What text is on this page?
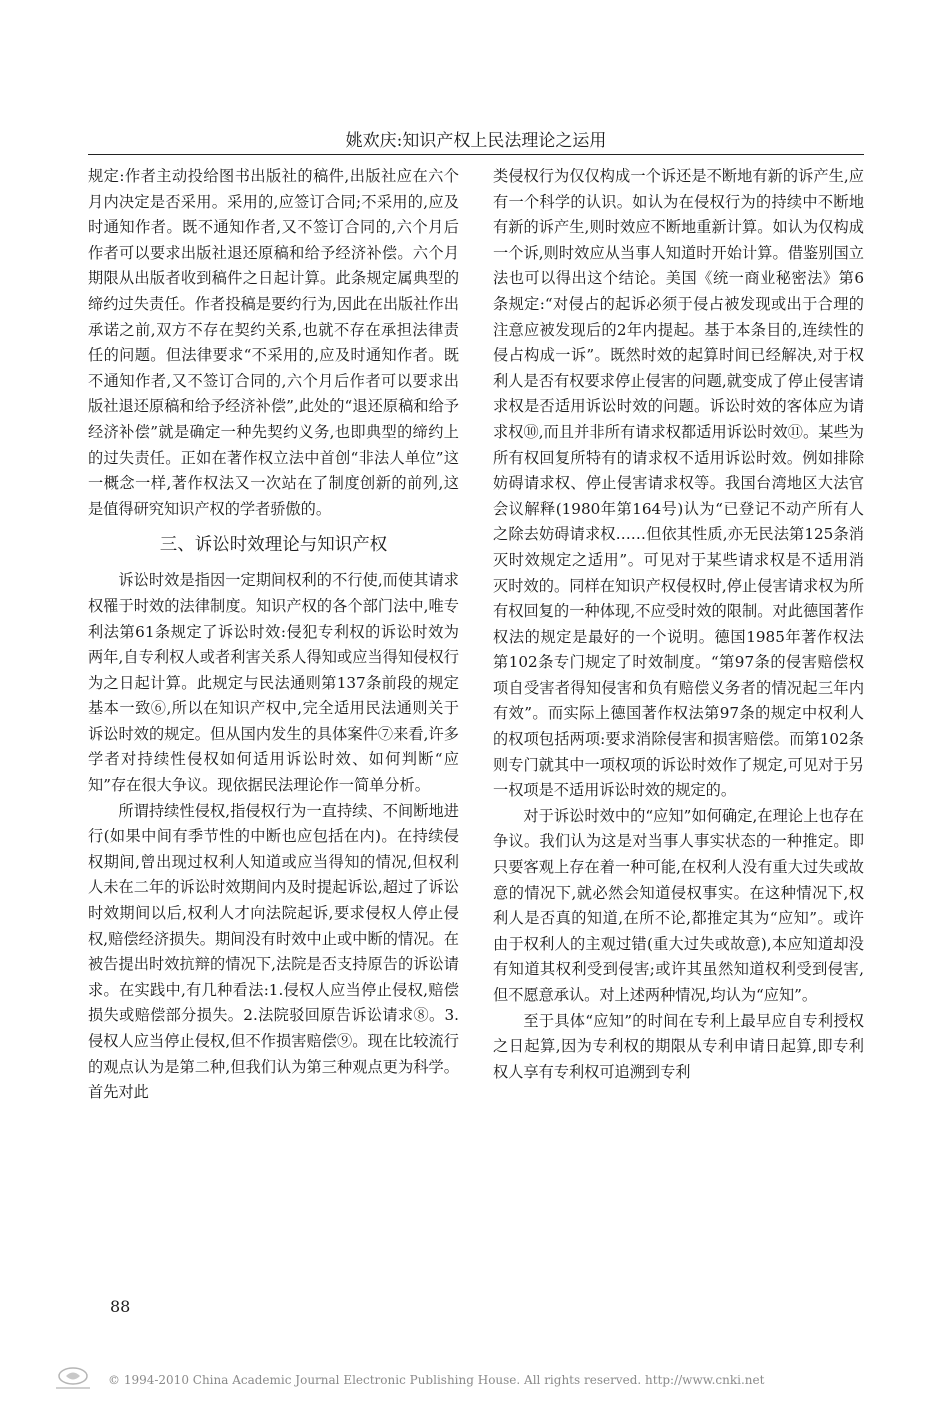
姚欢庆:知识产权上民法理论之运用

规定:作者主动投给图书出版社的稿件,出版社应在六个月内决定是否采用。采用的,应签订合同;不采用的,应及时通知作者。既不通知作者,又不签订合同的,六个月后作者可以要求出版社退还原稿和给予经济补偿。六个月期限从出版者收到稿件之日起计算。此条规定属典型的缔约过失责任。作者投稿是要约行为,因此在出版社作出承诺之前,双方不存在契约关系,也就不存在承担法律责任的问题。但法律要求“不采用的,应及时通知作者。既不通知作者,又不签订合同的,六个月后作者可以要求出版社退还原稿和给予经济补偿”,此处的“退还原稿和给予经济补偿”就是确定一种先契约义务,也即典型的缔约上的过失责任。正如在著作权立法中首创“非法人单位”这一概念一样,著作权法又一次站在了制度创新的前列,这是值得研究知识产权的学者骄傲的。

三、诉讼时效理论与知识产权

诉讼时效是指因一定期间权利的不行使,而使其请求权罹于时效的法律制度。知识产权的各个部门法中,唯专利法第61条规定了诉讼时效:侵犯专利权的诉讼时效为两年,自专利权人或者利害关系人得知或应当得知侵权行为之日起计算。此规定与民法通则第137条前段的规定基本一致⑥,所以在知识产权中,完全适用民法通则关于诉讼时效的规定。但从国内发生的具体案件⑦来看,许多学者对持续性侵权如何适用诉讼时效、如何判断“应知”存在很大争议。现依据民法理论作一简单分析。

所谓持续性侵权,指侵权行为一直持续、不间断地进行(如果中间有季节性的中断也应包括在内)。在持续侵权期间,曾出现过权利人知道或应当得知的情况,但权利人未在二年的诉讼时效期间内及时提起诉讼,超过了诉讼时效期间以后,权利人才向法院起诉,要求侵权人停止侵权,赔偿经济损失。期间没有时效中止或中断的情况。在被告提出时效抗辩的情况下,法院是否支持原告的诉讼请求。在实践中,有几种看法:1.侵权人应当停止侵权,赔偿损失或赔偿部分损失。2.法院驳回原告诉讼请求⑧。3.侵权人应当停止侵权,但不作损害赔偿⑨。现在比较流行的观点认为是第二种,但我们认为第三种观点更为科学。首先对此

类侵权行为仅仅构成一个诉还是不断地有新的诉产生,应有一个科学的认识。如认为在侵权行为的持续中不断地有新的诉产生,则时效应不断地重新计算。如认为仅构成一个诉,则时效应从当事人知道时开始计算。借鉴别国立法也可以得出这个结论。美国《统一商业秘密法》第6条规定:“对侵占的起诉必须于侵占被发现或出于合理的注意应被发现后的2年内提起。基于本条目的,连续性的侵占构成一诉”。既然时效的起算时间已经解决,对于权利人是否有权要求停止侵害的问题,就变成了停止侵害请求权是否适用诉讼时效的问题。诉讼时效的客体应为请求权⑩,而且并非所有请求权都适用诉讼时效⑪。某些为所有权回复所特有的请求权不适用诉讼时效。例如排除妨碍请求权、停止侵害请求权等。我国台湾地区大法官会议解释(1980年第164号)认为“已登记不动产所有人之除去妨碍请求权……但依其性质,亦无民法第125条消灭时效规定之适用”。可见对于某些请求权是不适用消灭时效的。同样在知识产权侵权时,停止侵害请求权为所有权回复的一种体现,不应受时效的限制。对此德国著作权法的规定是最好的一个说明。德国1985年著作权法第102条专门规定了时效制度。“第97条的侵害赔偿权项自受害者得知侵害和负有赔偿义务者的情况起三年内有效”。而实际上德国著作权法第97条的规定中权利人的权项包括两项:要求消除侵害和损害赔偿。而第102条则专门就其中一项权项的诉讼时效作了规定,可见对于另一权项是不适用诉讼时效的规定的。

对于诉讼时效中的“应知”如何确定,在理论上也存在争议。我们认为这是对当事人事实状态的一种推定。即只要客观上存在着一种可能,在权利人没有重大过失或故意的情况下,就必然会知道侵权事实。在这种情况下,权利人是否真的知道,在所不论,都推定其为“应知”。或许由于权利人的主观过错(重大过失或故意),本应知道却没有知道其权利受到侵害;或许其虽然知道权利受到侵害,但不愿意承认。对上述两种情况,均认为“应知”。

至于具体“应知”的时间在专利上最早应自专利授权之日起算,因为专利权的期限从专利申请日起算,即专利权人享有专利权可追溯到专利

88
© 1994-2010 China Academic Journal Electronic Publishing House. All rights reserved. http://www.cnki.net
